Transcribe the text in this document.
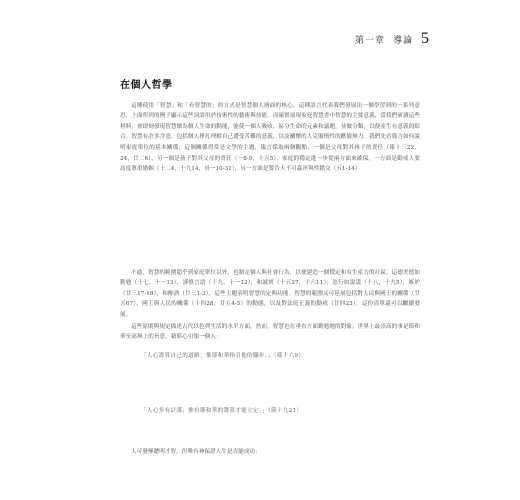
第一章 導論 5
在個人哲學

這種使用「智慧」和「有智慧的」的方式是智慧個人層面的核心。這種語言代表我們發展出一個學習到的一系列意思，上面所列的例子顯示這些詞語用於技術性的藝術與技能，而確實展現家庭智慧書中智慧的主要意義，當我們研讀這些材料，會即刻發現智慧做為個人生命的動能，能使一個人吸收、區分生命的元素和議題，並做分類，以便產生有意義的綜合。智慧有許多含意，包括個人掙扎理解自己遭受苦難的意義，以及關懷的人克服惰性的歡偷無力。我們先看箴言如何說明家庭單位的基本關係，這個關係得常是文學的主題，箴言採取兩個觀點，一個是父母對其孩子的責任（箴十三22、24，廿二6），另一個是孩子對其父母的責任（一8-9，十五5），家庭的穩定進一步從兩方面來確保，一方面是勸戒人要高度尊重婚姻（十二4，十九14，卅一10-31），另一方面是警告人不可姦淫與性錯交（五1-14）

不過，智慧的範圍超乎到家庭單位以外，也制定個人與社會行為，以便建造一個穩定和有生產力的社區，這德美德如勤勉（十七、十一13），謹慎言語（十九、十一12），和誠實（十五27，十六11）；惡行如說謊（十八，十九5），嫉妒（廿三17-18），和醉酒（廿三1-3），這些主題表明智慧的定與功能。智慧的範圍又可延展包括對人民與國王的關係（廿五67），國王與人民的關係（十四28，廿五4-5）的動態，以及對法庭正義的動成（廿四23），這份清單還可以繼續發展。

這些原則與規定描述古代以色列生活的水平方面，然而，智慧也在垂直方面勤勉地的對象。世界上最崇高的事是耶和華至高無上的旨意，藉耶心引領一個人：

「人心籌算自己的道路；惟耶和華指引他的腳步。」（箴十六9）

「人心多有計謀；惟有耶和華的籌算才能立定。」（箴十九21）

人可發揮聰明才智，但唯有神保證人生是否能成功：
